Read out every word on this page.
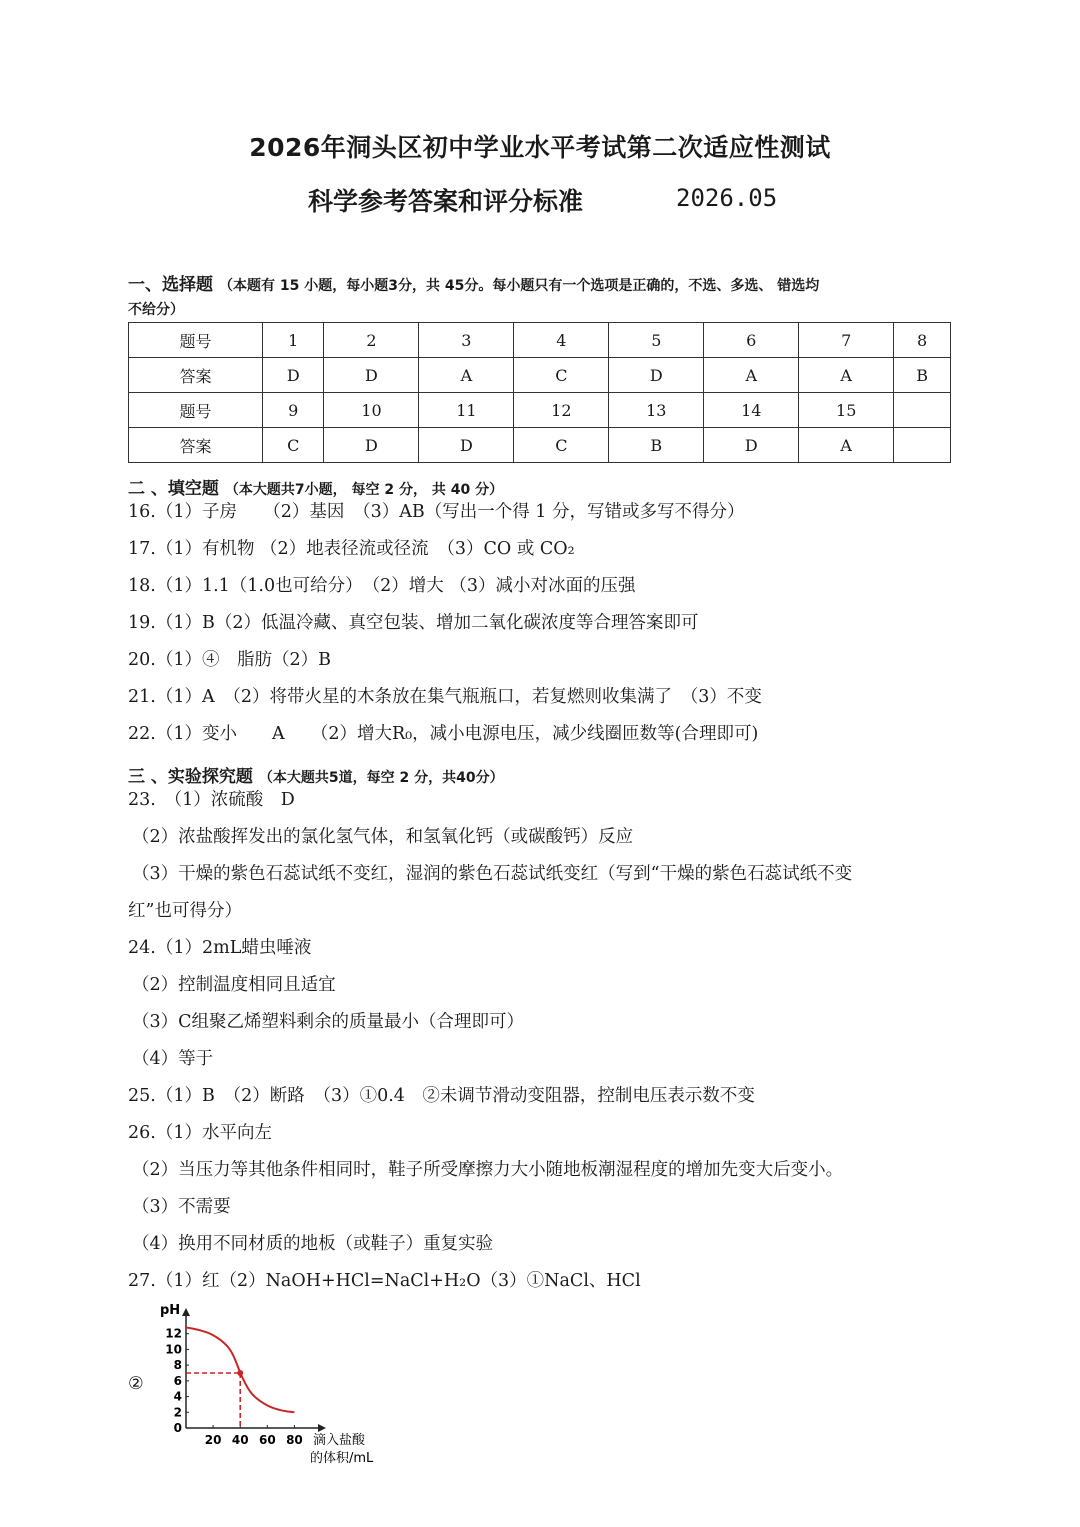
2026年洞头区初中学业水平考试第二次适应性测试
科学参考答案和评分标准	2026.05
一、选择题 （本题有 15 小题，每小题3分，共 45分。每小题只有一个选项是正确的，不选、多选、 错选均
不给分）
题号	1	2	3	4	5	6	7	8
答案	D	D	A	C	D	A	A	B
题号	9	10	11	12	13	14	15	
答案	C	D	D	C	B	D	A	
二 、填空题 （本大题共7小题， 每空 2 分， 共 40 分）
16.（1）子房　　（2）基因　（3）AB（写出一个得 1 分，写错或多写不得分）
17.（1）有机物 （2）地表径流或径流　（3）CO 或 CO₂
18.（1）1.1（1.0也可给分）　（2）增大 （3）减小对冰面的压强
19.（1）B（2）低温冷藏、真空包装、增加二氧化碳浓度等合理答案即可
20.（1）④　脂肪（2）B
21.（1）A　（2）将带火星的木条放在集气瓶瓶口，若复燃则收集满了　（3）不变
22.（1）变小　　A　　（2）增大R₀，减小电源电压，减少线圈匝数等(合理即可)
三 、实验探究题 （本大题共5道，每空 2 分，共40分）
23.　（1）浓硫酸　D
（2）浓盐酸挥发出的氯化氢气体，和氢氧化钙（或碳酸钙）反应
（3）干燥的紫色石蕊试纸不变红，湿润的紫色石蕊试纸变红（写到“干燥的紫色石蕊试纸不变
红”也可得分）
24.（1）2mL蜡虫唾液
（2）控制温度相同且适宜
（3）C组聚乙烯塑料剩余的质量最小（合理即可）
（4）等于
25.（1）B　（2）断路　（3）①0.4　②未调节滑动变阻器，控制电压表示数不变
26.（1）水平向左
（2）当压力等其他条件相同时，鞋子所受摩擦力大小随地板潮湿程度的增加先变大后变小。
（3）不需要
（4）换用不同材质的地板（或鞋子）重复实验
27.（1）红（2）NaOH+HCl=NaCl+H₂O（3）①NaCl、HCl
②
0
2
4
6
8
10
12
20 40 60 80
pH
滴入盐酸
的体积/mL
